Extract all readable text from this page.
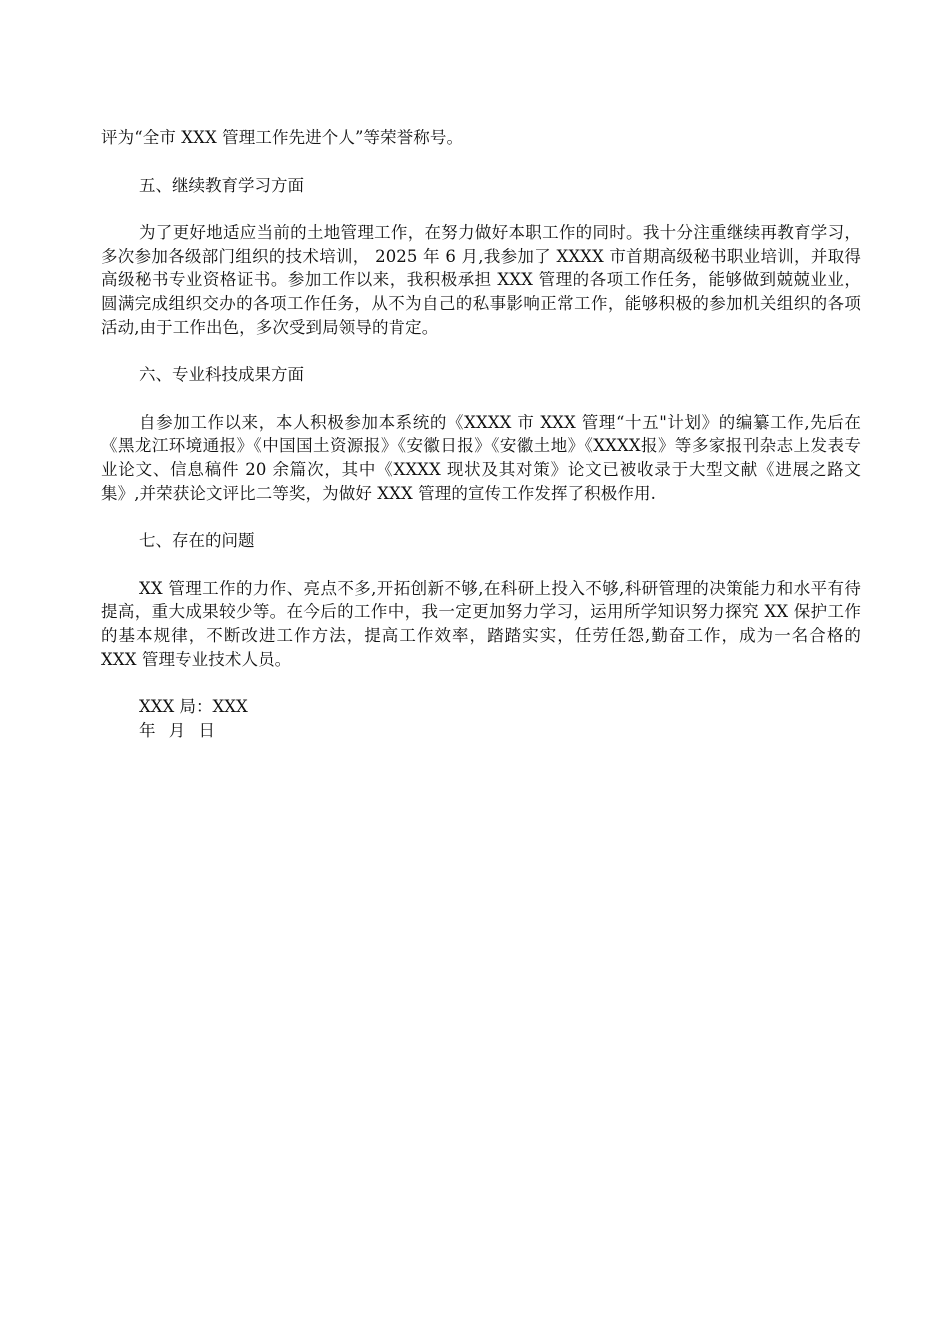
评为“全市 XXX 管理工作先进个人”等荣誉称号。

五、继续教育学习方面

为了更好地适应当前的土地管理工作，在努力做好本职工作的同时。我十分注重继续再教育学习，多次参加各级部门组织的技术培训， 2025 年 6 月,我参加了 XXXX 市首期高级秘书职业培训，并取得高级秘书专业资格证书。参加工作以来，我积极承担 XXX 管理的各项工作任务，能够做到兢兢业业，圆满完成组织交办的各项工作任务，从不为自己的私事影响正常工作，能够积极的参加机关组织的各项活动,由于工作出色，多次受到局领导的肯定。

六、专业科技成果方面

自参加工作以来，本人积极参加本系统的《XXXX 市 XXX 管理“十五"计划》的编纂工作,先后在《黑龙江环境通报》《中国国土资源报》《安徽日报》《安徽土地》《XXXX报》等多家报刊杂志上发表专业论文、信息稿件 20 余篇次，其中《XXXX 现状及其对策》论文已被收录于大型文献《进展之路文集》,并荣获论文评比二等奖，为做好 XXX 管理的宣传工作发挥了积极作用.

七、存在的问题

XX 管理工作的力作、亮点不多,开拓创新不够,在科研上投入不够,科研管理的决策能力和水平有待提高，重大成果较少等。在今后的工作中，我一定更加努力学习，运用所学知识努力探究 XX 保护工作的基本规律，不断改进工作方法，提高工作效率，踏踏实实，任劳任怨,勤奋工作，成为一名合格的 XXX 管理专业技术人员。

XXX 局：XXX

年 月 日
